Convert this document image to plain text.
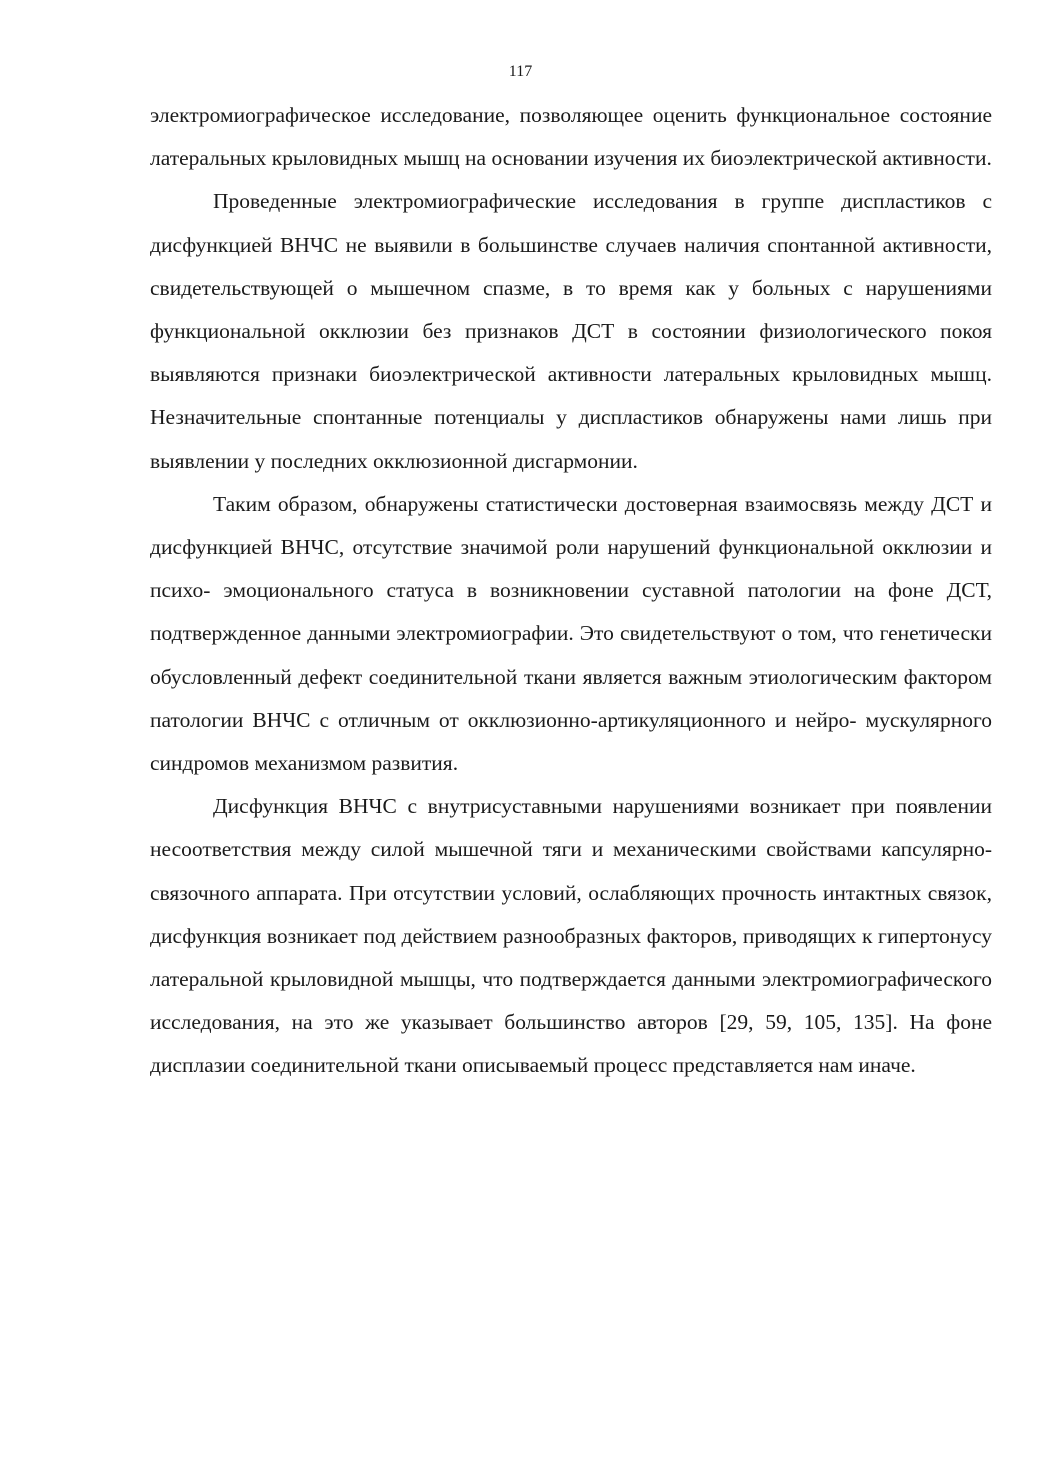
117

электромиографическое исследование, позволяющее оценить функциональное состояние латеральных крыловидных мышц на основании изучения их биоэлектрической активности.

Проведенные электромиографические исследования в группе диспластиков с дисфункцией ВНЧС не выявили в большинстве случаев наличия спонтанной активности, свидетельствующей о мышечном спазме, в то время как у больных с нарушениями функциональной окклюзии без признаков ДСТ в состоянии физиологического покоя выявляются признаки биоэлектрической активности латеральных крыловидных мышц. Незначительные спонтанные потенциалы у диспластиков обнаружены нами лишь при выявлении у последних окклюзионной дисгармонии.

Таким образом, обнаружены статистически достоверная взаимосвязь между ДСТ и дисфункцией ВНЧС, отсутствие значимой роли нарушений функциональной окклюзии и психо- эмоционального статуса в возникновении суставной патологии на фоне ДСТ, подтвержденное данными электромиографии. Это свидетельствуют о том, что генетически обусловленный дефект соединительной ткани является важным этиологическим фактором патологии ВНЧС с отличным от окклюзионно-артикуляционного и нейро- мускулярного синдромов механизмом развития.

Дисфункция ВНЧС с внутрисуставными нарушениями возникает при появлении несоответствия между силой мышечной тяги и механическими свойствами капсулярно- связочного аппарата. При отсутствии условий, ослабляющих прочность интактных связок, дисфункция возникает под действием разнообразных факторов, приводящих к гипертонусу латеральной крыловидной мышцы, что подтверждается данными электромиографического исследования, на это же указывает большинство авторов [29, 59, 105, 135]. На фоне дисплазии соединительной ткани описываемый процесс представляется нам иначе.
